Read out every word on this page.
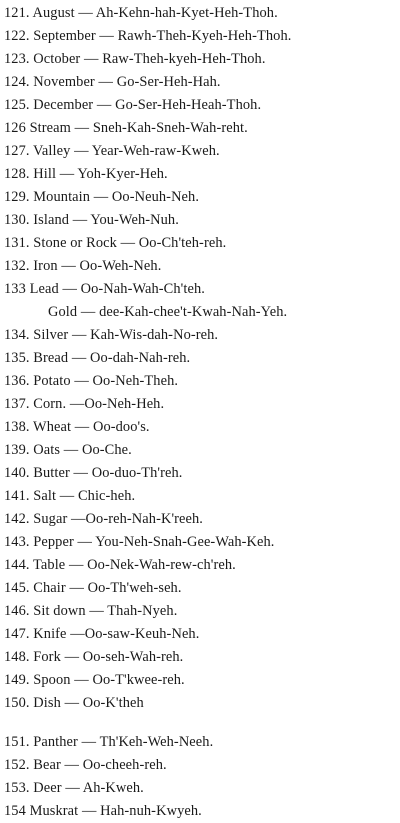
121. August — Ah-Kehn-hah-Kyet-Heh-Thoh.
122. September — Rawh-Theh-Kyeh-Heh-Thoh.
123. October — Raw-Theh-kyeh-Heh-Thoh.
124. November — Go-Ser-Heh-Hah.
125. December — Go-Ser-Heh-Heah-Thoh.
126 Stream — Sneh-Kah-Sneh-Wah-reht.
127. Valley — Year-Weh-raw-Kweh.
128. Hill — Yoh-Kyer-Heh.
129. Mountain — Oo-Neuh-Neh.
130. Island — You-Weh-Nuh.
131. Stone or Rock — Oo-Ch'teh-reh.
132. Iron — Oo-Weh-Neh.
133 Lead — Oo-Nah-Wah-Ch'teh.
Gold — dee-Kah-chee't-Kwah-Nah-Yeh.
134. Silver — Kah-Wis-dah-No-reh.
135. Bread — Oo-dah-Nah-reh.
136. Potato — Oo-Neh-Theh.
137. Corn. —Oo-Neh-Heh.
138. Wheat — Oo-doo's.
139. Oats — Oo-Che.
140. Butter — Oo-duo-Th'reh.
141. Salt — Chic-heh.
142. Sugar —Oo-reh-Nah-K'reeh.
143. Pepper — You-Neh-Snah-Gee-Wah-Keh.
144. Table — Oo-Nek-Wah-rew-ch'reh.
145. Chair — Oo-Th'weh-seh.
146. Sit down — Thah-Nyeh.
147. Knife —Oo-saw-Keuh-Neh.
148. Fork — Oo-seh-Wah-reh.
149. Spoon — Oo-T'kwee-reh.
150. Dish — Oo-K'theh
151. Panther — Th'Keh-Weh-Neeh.
152. Bear — Oo-cheeh-reh.
153. Deer — Ah-Kweh.
154 Muskrat — Hah-nuh-Kwyeh.
